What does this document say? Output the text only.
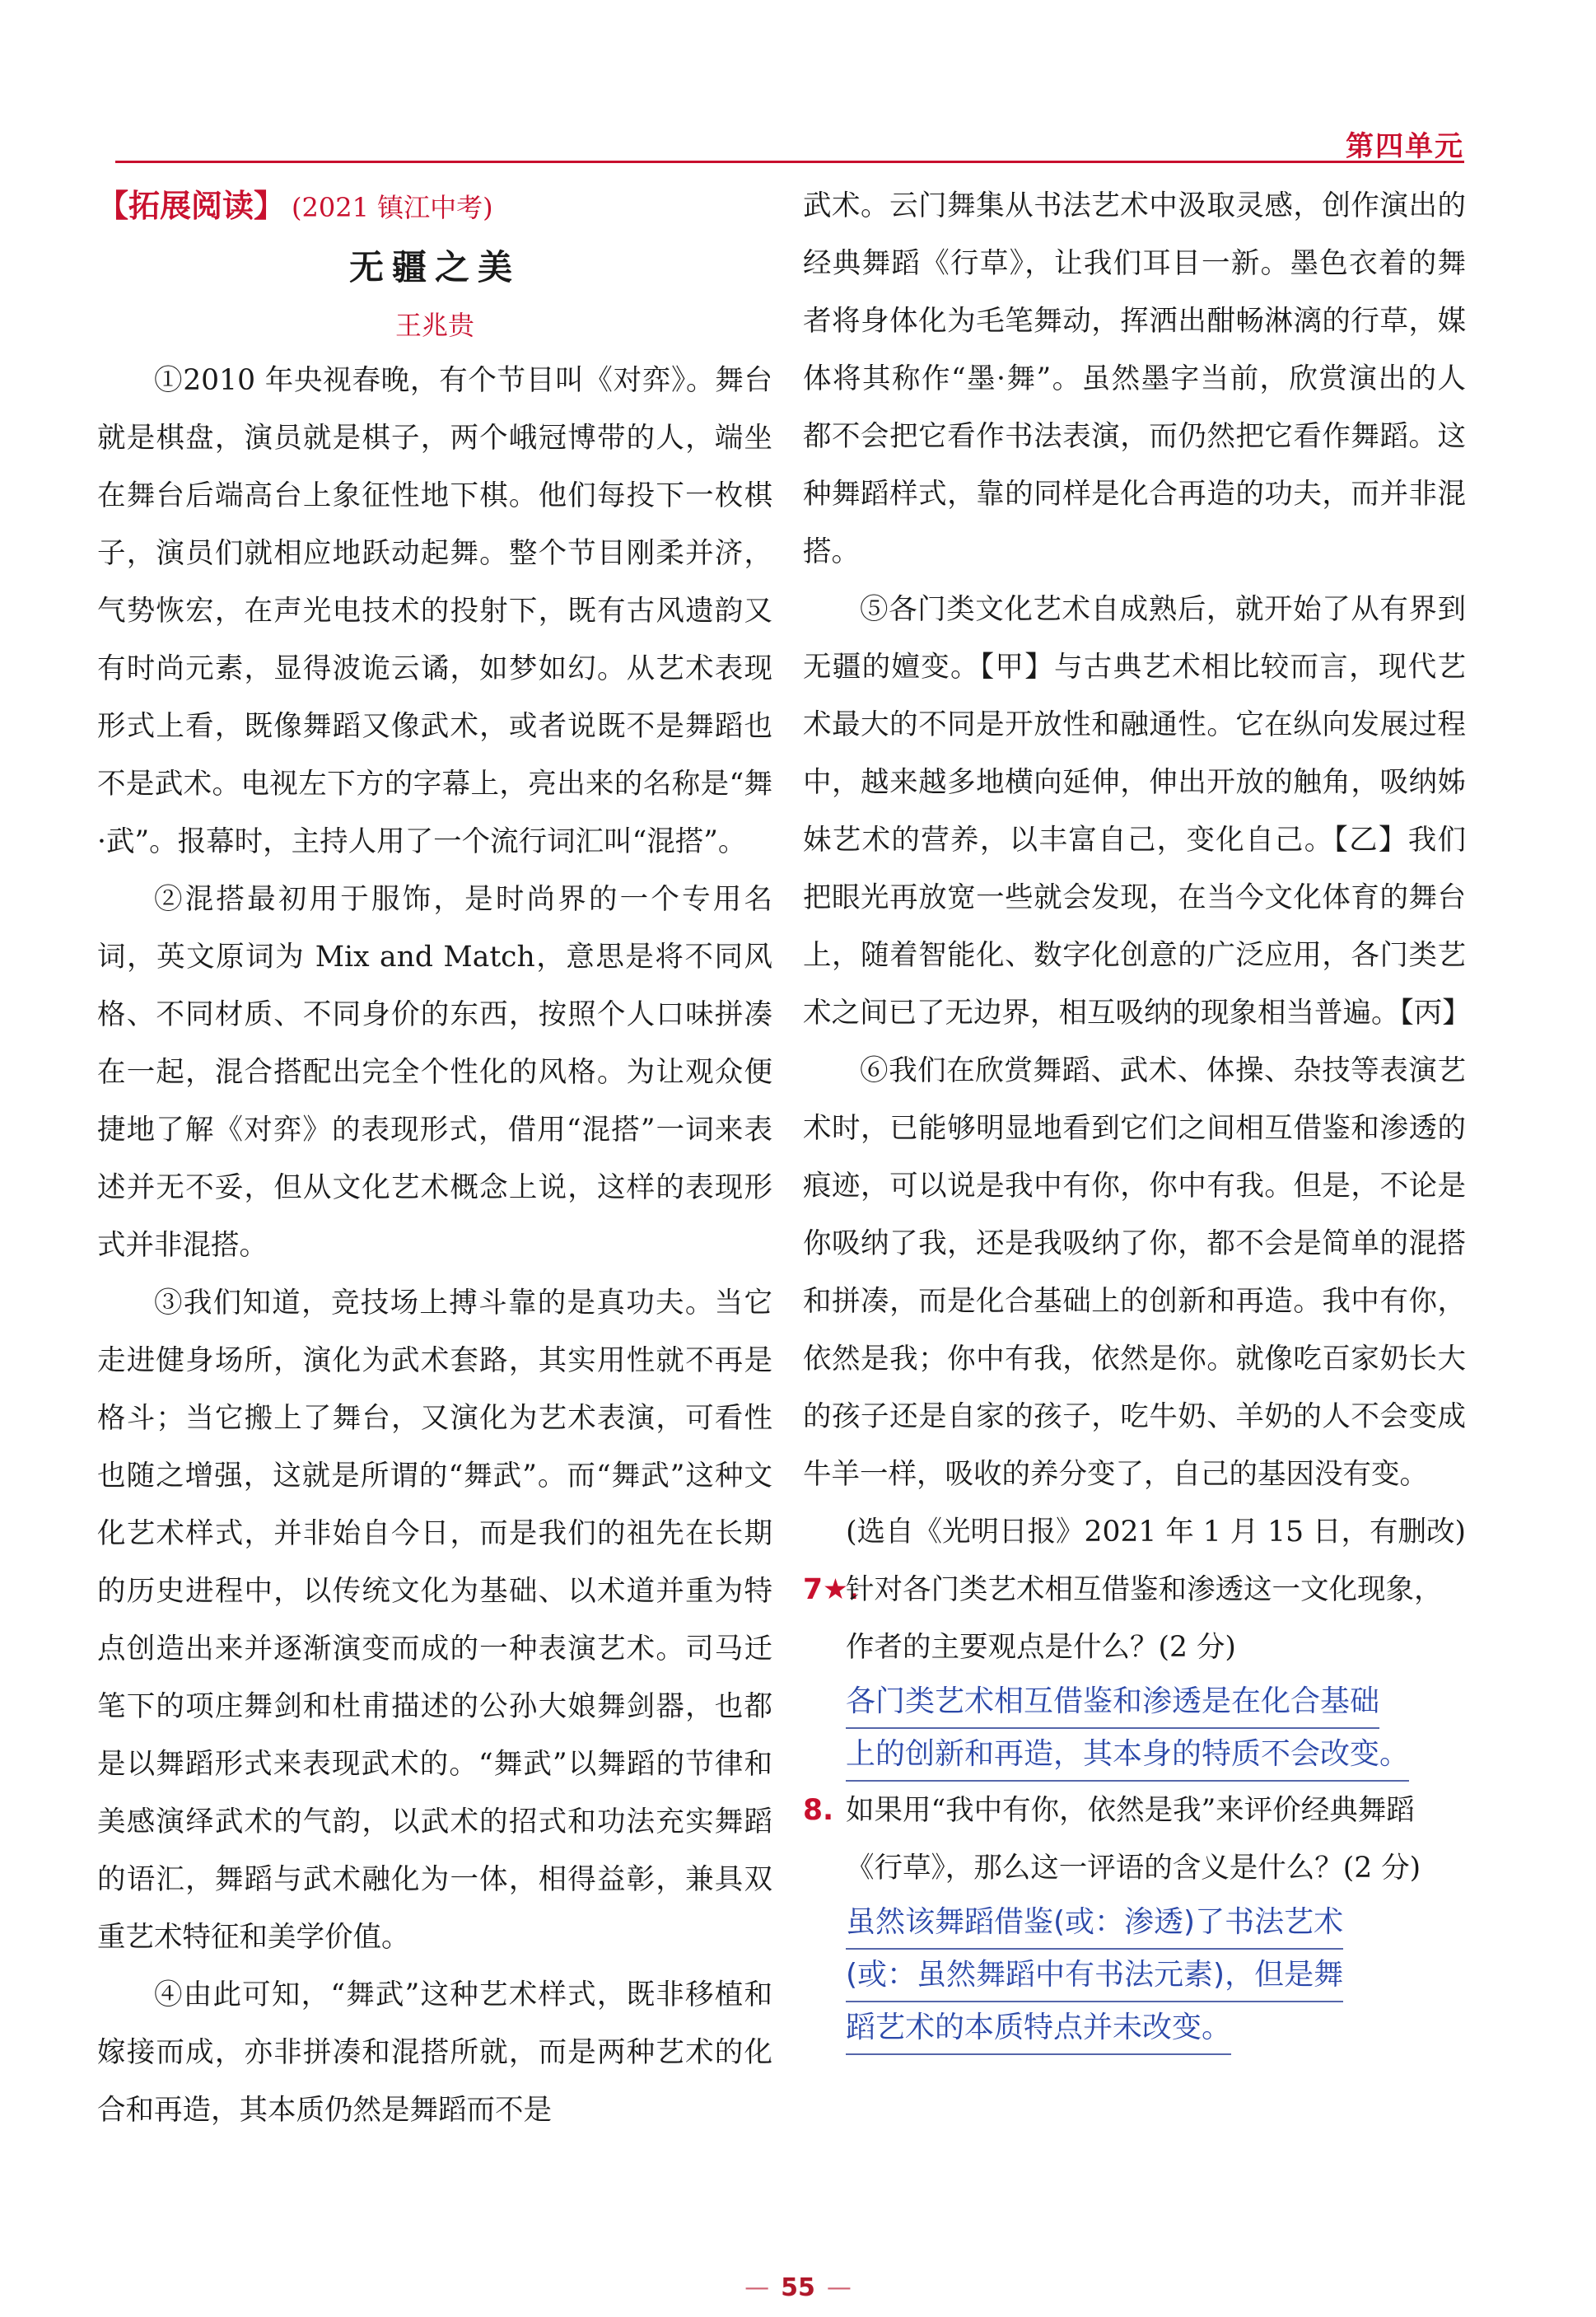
第四单元
【拓展阅读】 (2021 镇江中考)
无疆之美
王兆贵

①2010 年央视春晚，有个节目叫《对弈》。舞台就是棋盘，演员就是棋子，两个峨冠博带的人，端坐在舞台后端高台上象征性地下棋。他们每投下一枚棋子，演员们就相应地跃动起舞。整个节目刚柔并济，气势恢宏，在声光电技术的投射下，既有古风遗韵又有时尚元素，显得波诡云谲，如梦如幻。从艺术表现形式上看，既像舞蹈又像武术，或者说既不是舞蹈也不是武术。电视左下方的字幕上，亮出来的名称是“舞·武”。报幕时，主持人用了一个流行词汇叫“混搭”。

②混搭最初用于服饰，是时尚界的一个专用名词，英文原词为 Mix and Match，意思是将不同风格、不同材质、不同身价的东西，按照个人口味拼凑在一起，混合搭配出完全个性化的风格。为让观众便捷地了解《对弈》的表现形式，借用“混搭”一词来表述并无不妥，但从文化艺术概念上说，这样的表现形式并非混搭。

③我们知道，竞技场上搏斗靠的是真功夫。当它走进健身场所，演化为武术套路，其实用性就不再是格斗；当它搬上了舞台，又演化为艺术表演，可看性也随之增强，这就是所谓的“舞武”。而“舞武”这种文化艺术样式，并非始自今日，而是我们的祖先在长期的历史进程中，以传统文化为基础、以术道并重为特点创造出来并逐渐演变而成的一种表演艺术。司马迁笔下的项庄舞剑和杜甫描述的公孙大娘舞剑器，也都是以舞蹈形式来表现武术的。“舞武”以舞蹈的节律和美感演绎武术的气韵，以武术的招式和功法充实舞蹈的语汇，舞蹈与武术融化为一体，相得益彰，兼具双重艺术特征和美学价值。

④由此可知，“舞武”这种艺术样式，既非移植和嫁接而成，亦非拼凑和混搭所就，而是两种艺术的化合和再造，其本质仍然是舞蹈而不是

武术。云门舞集从书法艺术中汲取灵感，创作演出的经典舞蹈《行草》，让我们耳目一新。墨色衣着的舞者将身体化为毛笔舞动，挥洒出酣畅淋漓的行草，媒体将其称作“墨·舞”。虽然墨字当前，欣赏演出的人都不会把它看作书法表演，而仍然把它看作舞蹈。这种舞蹈样式，靠的同样是化合再造的功夫，而并非混搭。

⑤各门类文化艺术自成熟后，就开始了从有界到无疆的嬗变。【甲】与古典艺术相比较而言，现代艺术最大的不同是开放性和融通性。它在纵向发展过程中，越来越多地横向延伸，伸出开放的触角，吸纳姊妹艺术的营养，以丰富自己，变化自己。【乙】我们把眼光再放宽一些就会发现，在当今文化体育的舞台上，随着智能化、数字化创意的广泛应用，各门类艺术之间已了无边界，相互吸纳的现象相当普遍。【丙】

⑥我们在欣赏舞蹈、武术、体操、杂技等表演艺术时，已能够明显地看到它们之间相互借鉴和渗透的痕迹，可以说是我中有你，你中有我。但是，不论是你吸纳了我，还是我吸纳了你，都不会是简单的混搭和拼凑，而是化合基础上的创新和再造。我中有你，依然是我；你中有我，依然是你。就像吃百家奶长大的孩子还是自家的孩子，吃牛奶、羊奶的人不会变成牛羊一样，吸收的养分变了，自己的基因没有变。

(选自《光明日报》2021 年 1 月 15 日，有删改)
7★.
针对各门类艺术相互借鉴和渗透这一文化现象，作者的主要观点是什么？(2 分)
各门类艺术相互借鉴和渗透是在化合基础
上的创新和再造，其本身的特质不会改变。
8. 如果用“我中有你，依然是我”来评价经典舞蹈《行草》，那么这一评语的含义是什么？(2 分)
虽然该舞蹈借鉴(或：渗透)了书法艺术
(或：虽然舞蹈中有书法元素)，但是舞
蹈艺术的本质特点并未改变。
— 55 —
